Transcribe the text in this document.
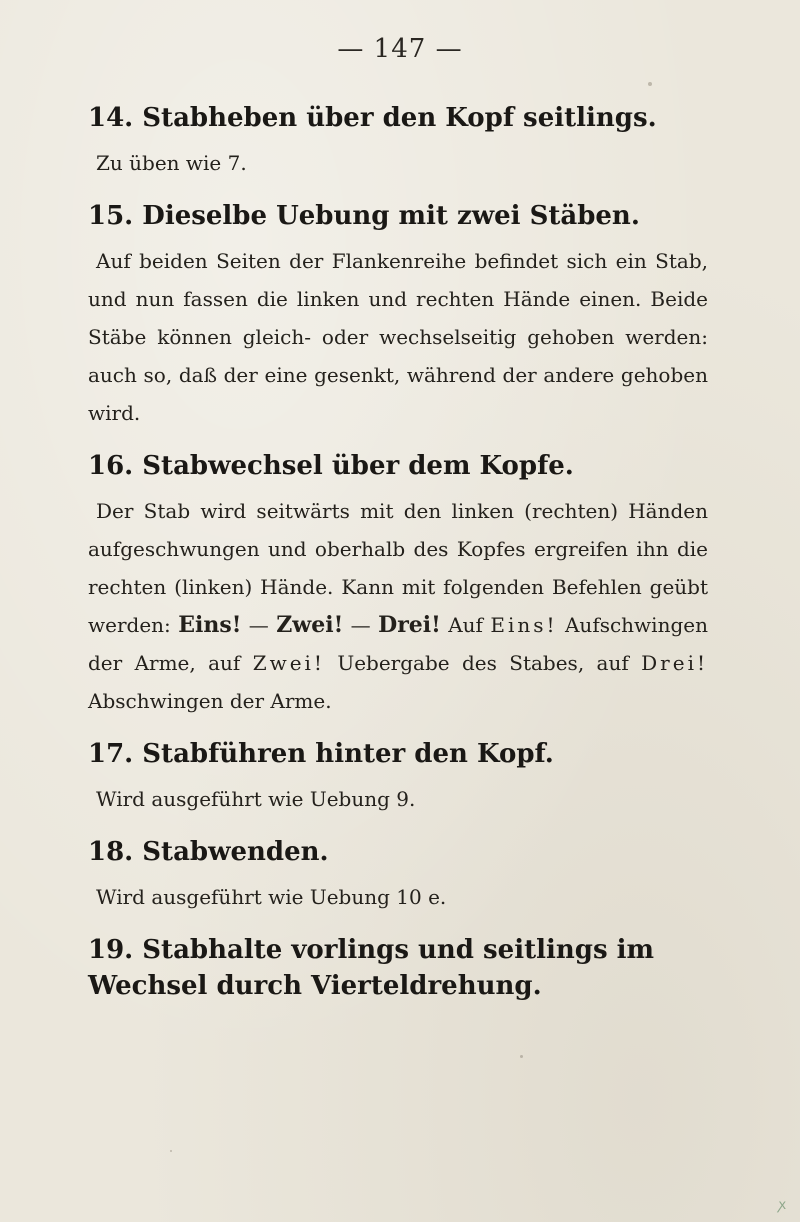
— 147 —
14. Stabheben über den Kopf seitlings.

Zu üben wie 7.

15. Dieselbe Uebung mit zwei Stäben.

Auf beiden Seiten der Flankenreihe befindet sich ein Stab, und nun fassen die linken und rechten Hände einen. Beide Stäbe können gleich- oder wechselseitig gehoben werden: auch so, daß der eine gesenkt, während der andere gehoben wird.

16. Stabwechsel über dem Kopfe.

Der Stab wird seitwärts mit den linken (rechten) Händen aufgeschwungen und oberhalb des Kopfes ergreifen ihn die rechten (linken) Hände. Kann mit folgenden Befehlen geübt werden: Eins! — Zwei! — Drei! Auf Eins! Aufschwingen der Arme, auf Zwei! Uebergabe des Stabes, auf Drei! Abschwingen der Arme.

17. Stabführen hinter den Kopf.

Wird ausgeführt wie Uebung 9.

18. Stabwenden.

Wird ausgeführt wie Uebung 10 e.

19. Stabhalte vorlings und seitlings im Wechsel durch Vierteldrehung.
ꭗ
